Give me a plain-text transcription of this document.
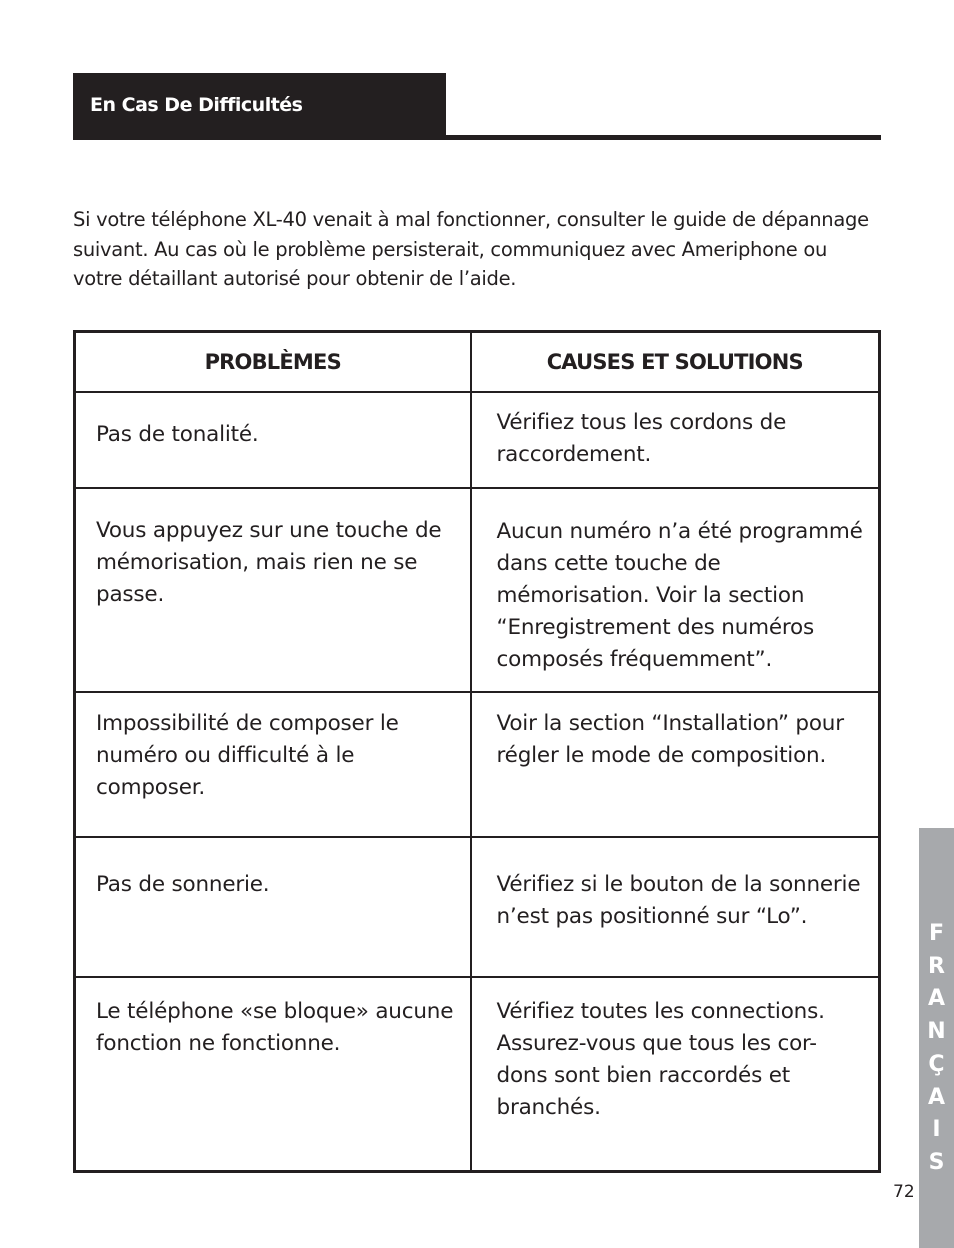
En Cas De Difficultés

Si votre téléphone XL-40 venait à mal fonctionner, consulter le guide de dépannage suivant. Au cas où le problème persisterait, communiquez avec Ameriphone ou votre détaillant autorisé pour obtenir de l’aide.

PROBLÈMES	CAUSES ET SOLUTIONS
Pas de tonalité.	Vérifiez tous les cordons de raccordement.
Vous appuyez sur une touche de mémorisation, mais rien ne se passe.	Aucun numéro n’a été programmé dans cette touche de mémorisation. Voir la section “Enregistrement des numéros composés fréquemment”.
Impossibilité de composer le numéro ou difficulté à le composer.	Voir la section “Installation” pour régler le mode de composition.
Pas de sonnerie.	Vérifiez si le bouton de la sonnerie n’est pas positionné sur “Lo”.
Le téléphone «se bloque» aucune fonction ne fonctionne.	Vérifiez toutes les connections. Assurez-vous que tous les cor-dons sont bien raccordés et branchés.
F
R
A
N
Ç
A
I
S
72
